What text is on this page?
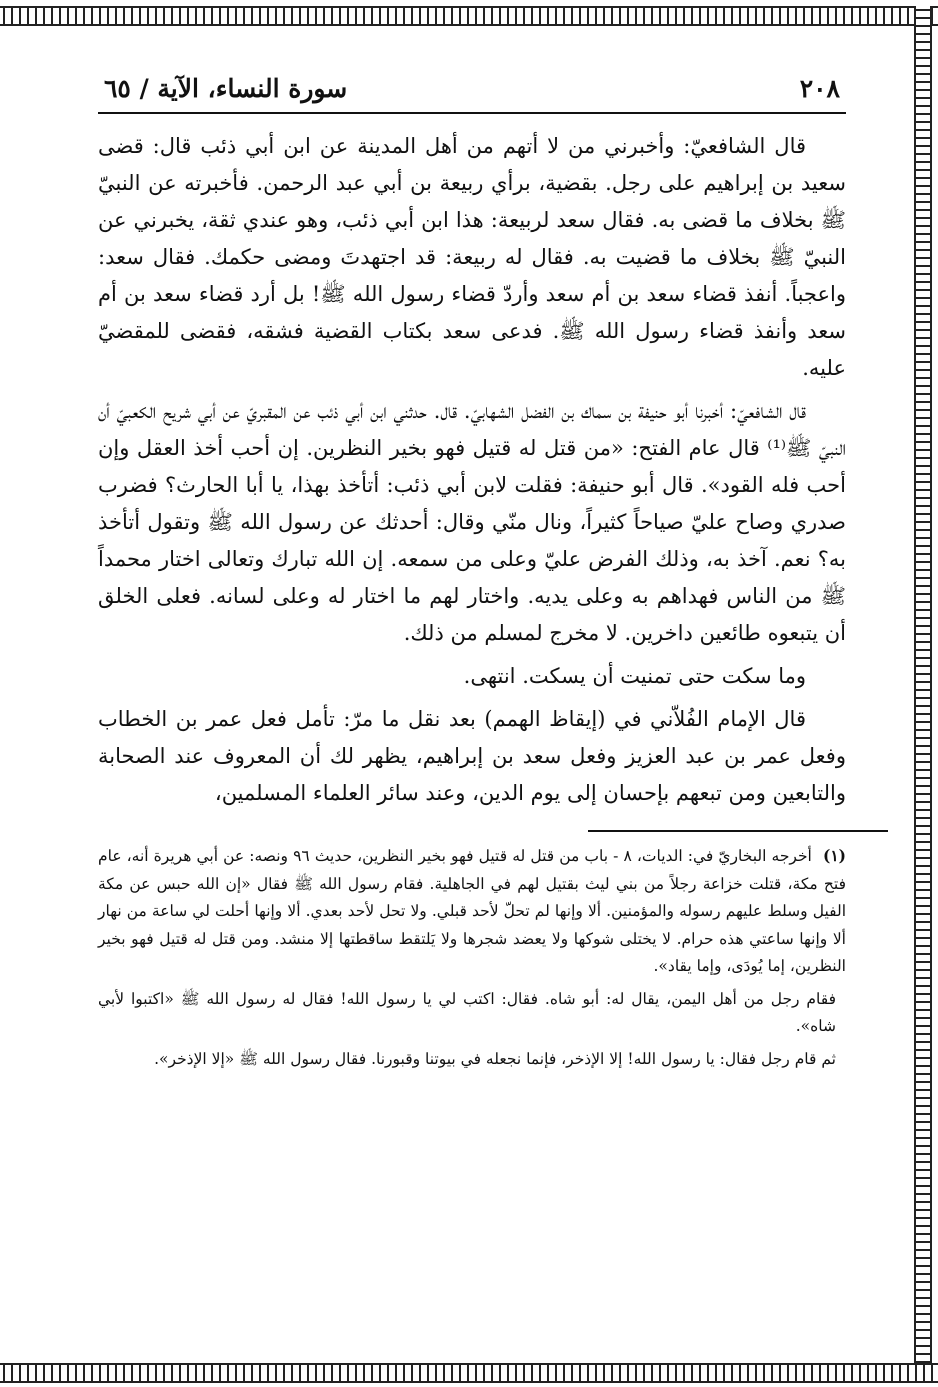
٢٠٨
سورة النساء، الآية / ٦٥

قال الشافعيّ: وأخبرني من لا أتهم من أهل المدينة عن ابن أبي ذئب قال: قضى سعيد بن إبراهيم على رجل. بقضية، برأي ربيعة بن أبي عبد الرحمن. فأخبرته عن النبيّ ﷺ بخلاف ما قضى به. فقال سعد لربيعة: هذا ابن أبي ذئب، وهو عندي ثقة، يخبرني عن النبيّ ﷺ بخلاف ما قضيت به. فقال له ربيعة: قد اجتهدتَ ومضى حكمك. فقال سعد: واعجباً. أنفذ قضاء سعد بن أم سعد وأردّ قضاء رسول الله ﷺ! بل أرد قضاء سعد بن أم سعد وأنفذ قضاء رسول الله ﷺ. فدعى سعد بكتاب القضية فشقه، فقضى للمقضيّ عليه.

قال الشافعيّ: أخبرنا أبو حنيفة بن سماك بن الفضل الشهابيّ. قال. حدثني ابن أبي ذئب عن المقبريّ عن أبي شريح الكعبيّ أن النبيّ ﷺ⁽¹⁾ قال عام الفتح: «من قتل له قتيل فهو بخير النظرين. إن أحب أخذ العقل وإن أحب فله القود». قال أبو حنيفة: فقلت لابن أبي ذئب: أتأخذ بهذا، يا أبا الحارث؟ فضرب صدري وصاح عليّ صياحاً كثيراً، ونال منّي وقال: أحدثك عن رسول الله ﷺ وتقول أتأخذ به؟ نعم. آخذ به، وذلك الفرض عليّ وعلى من سمعه. إن الله تبارك وتعالى اختار محمداً ﷺ من الناس فهداهم به وعلى يديه. واختار لهم ما اختار له وعلى لسانه. فعلى الخلق أن يتبعوه طائعين داخرين. لا مخرج لمسلم من ذلك.

وما سكت حتى تمنيت أن يسكت. انتهى.

قال الإمام الفُلاّني في (إيقاظ الهمم) بعد نقل ما مرّ: تأمل فعل عمر بن الخطاب وفعل عمر بن عبد العزيز وفعل سعد بن إبراهيم، يظهر لك أن المعروف عند الصحابة والتابعين ومن تبعهم بإحسان إلى يوم الدين، وعند سائر العلماء المسلمين،

(١) أخرجه البخاريّ في: الديات، ٨ - باب من قتل له قتيل فهو بخير النظرين، حديث ٩٦ ونصه: عن أبي هريرة أنه، عام فتح مكة، قتلت خزاعة رجلاً من بني ليث بقتيل لهم في الجاهلية. فقام رسول الله ﷺ فقال «إن الله حبس عن مكة الفيل وسلط عليهم رسوله والمؤمنين. ألا وإنها لم تحلّ لأحد قبلي. ولا تحل لأحد بعدي. ألا وإنها أحلت لي ساعة من نهار ألا وإنها ساعتي هذه حرام. لا يختلى شوكها ولا يعضد شجرها ولا يَلتقط ساقطتها إلا منشد. ومن قتل له قتيل فهو بخير النظرين، إما يُودَى، وإما يقاد».

فقام رجل من أهل اليمن، يقال له: أبو شاه. فقال: اكتب لي يا رسول الله! فقال له رسول الله ﷺ «اكتبوا لأبي شاه».

ثم قام رجل فقال: يا رسول الله! إلا الإذخر، فإنما نجعله في بيوتنا وقبورنا. فقال رسول الله ﷺ «إلا الإذخر».
